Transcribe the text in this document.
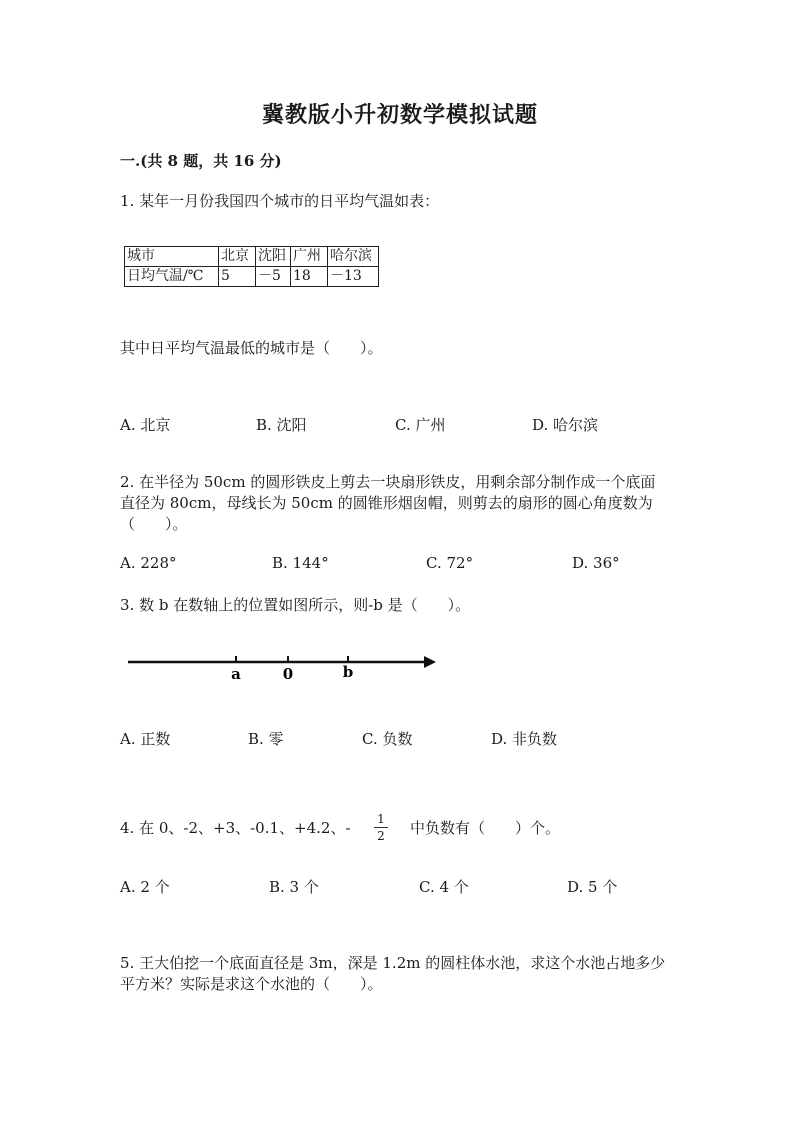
冀教版小升初数学模拟试题
一.(共 8 题，共 16 分)
1. 某年一月份我国四个城市的日平均气温如表：
城市	北京	沈阳	广州	哈尔滨
日均气温/℃	5	－5	18	－13
其中日平均气温最低的城市是（　　）。
A. 北京	B. 沈阳	C. 广州	D. 哈尔滨
2. 在半径为 50cm 的圆形铁皮上剪去一块扇形铁皮，用剩余部分制作成一个底面
直径为 80cm，母线长为 50cm 的圆锥形烟囱帽，则剪去的扇形的圆心角度数为
（　　）。
A. 228°	B. 144°	C. 72°	D. 36°
3. 数 b 在数轴上的位置如图所示，则-b 是（　　）。
a	0	b
A. 正数	B. 零	C. 负数	D. 非负数
4. 在 0、-2、+3、-0.1、+4.2、- 1
2 中负数有（　　）个。
A. 2 个	B. 3 个	C. 4 个	D. 5 个
5. 王大伯挖一个底面直径是 3m，深是 1.2m 的圆柱体水池，求这个水池占地多少
平方米？实际是求这个水池的（　　）。
